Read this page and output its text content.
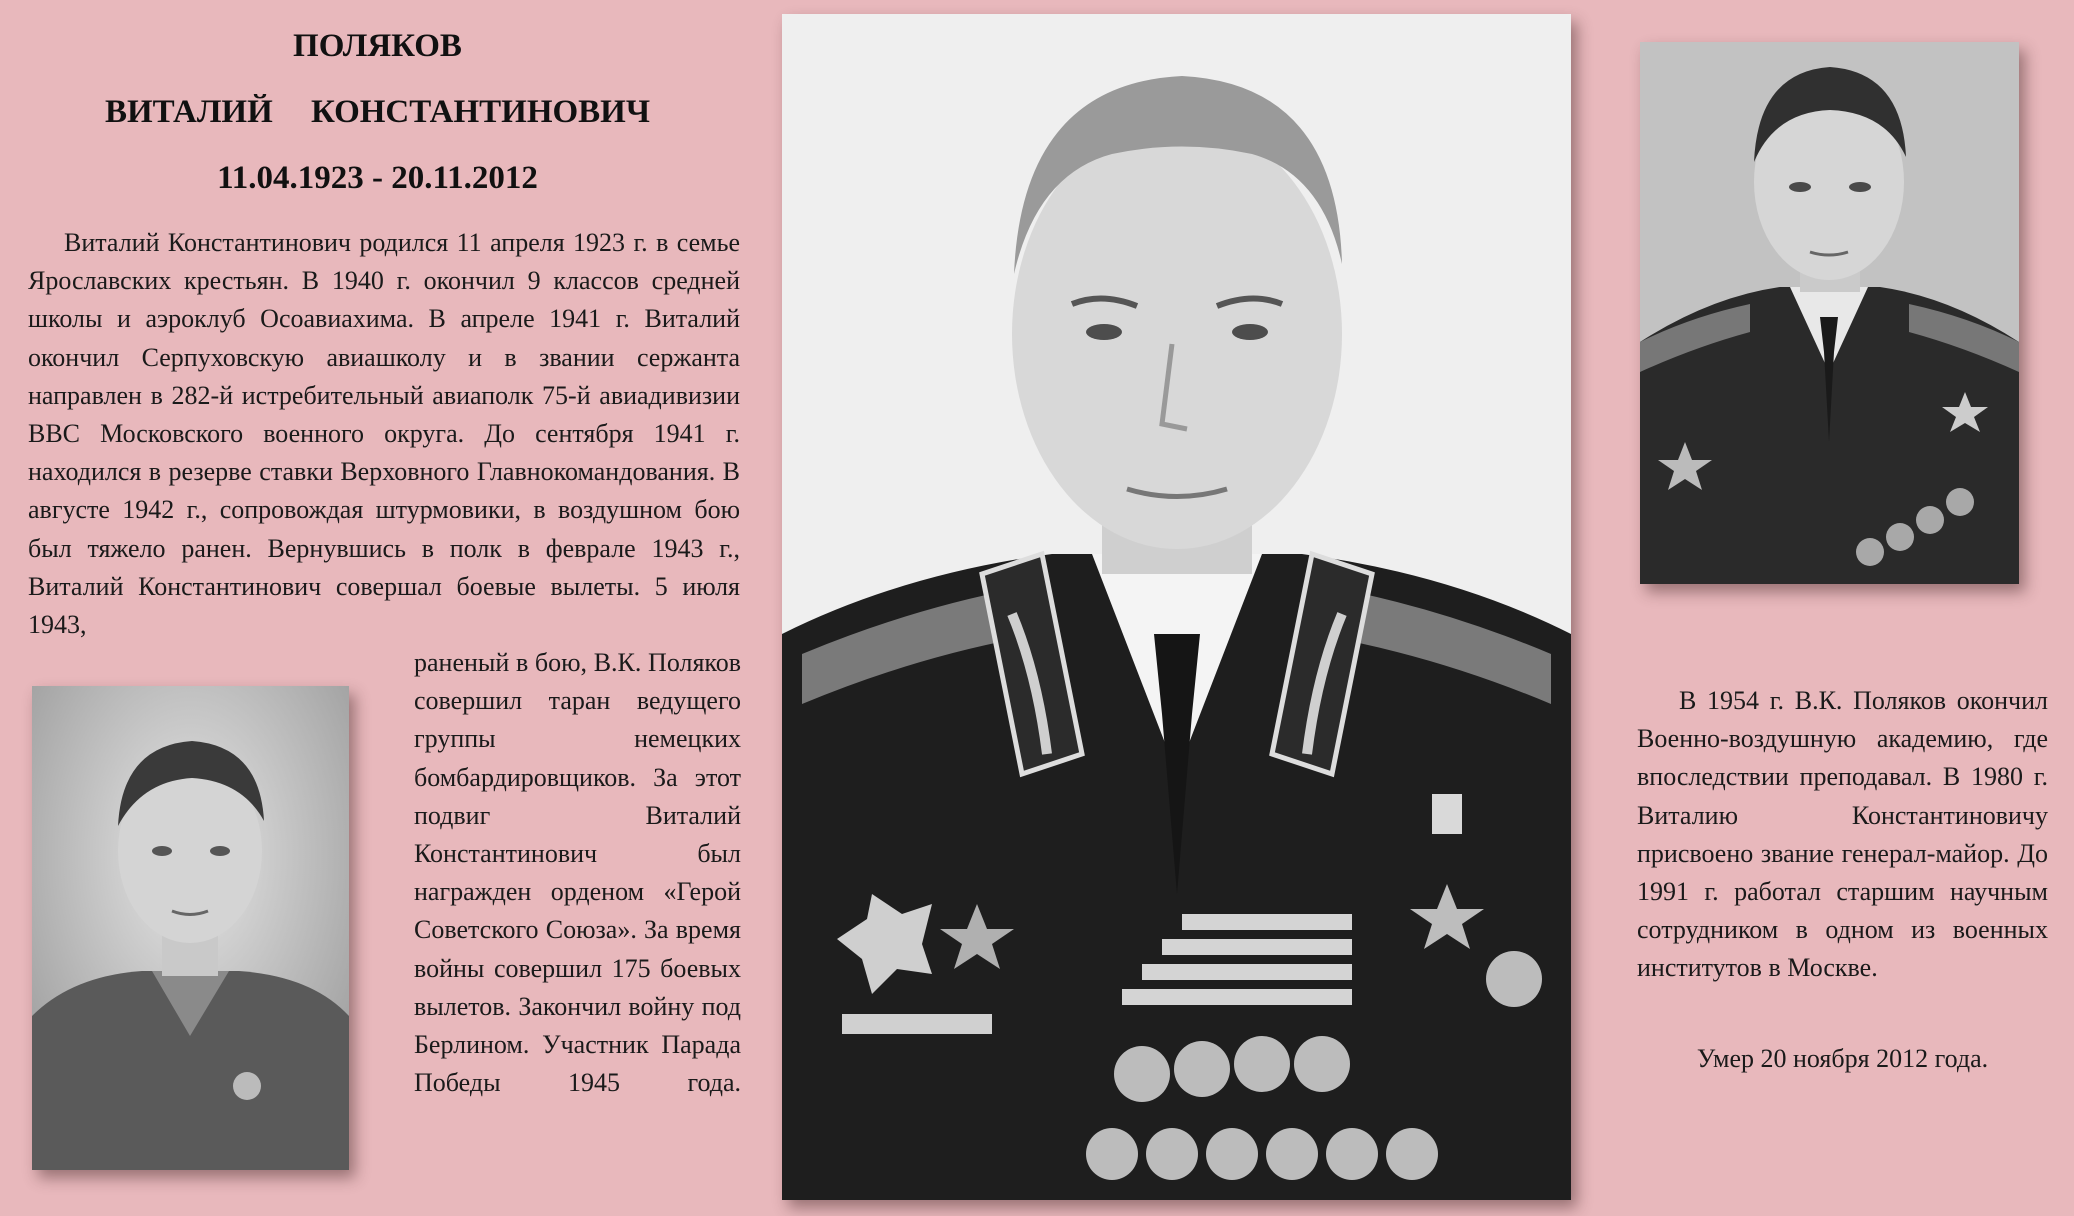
ПОЛЯКОВ
ВИТАЛИЙ КОНСТАНТИНОВИЧ
11.04.1923 - 20.11.2012

Виталий Константинович родился 11 апреля 1923 г. в семье Ярославских крестьян. В 1940 г. окончил 9 классов средней школы и аэроклуб Осоавиахима. В апреле 1941 г. Виталий окончил Серпуховскую авиашколу и в звании сержанта направлен в 282-й истребительный авиаполк 75-й авиадивизии ВВС Московского военного округа. До сентября 1941 г. находился в резерве ставки Верховного Главнокомандования. В августе 1942 г., сопровождая штурмовики, в воздушном бою был тяжело ранен. Вернувшись в полк в феврале 1943 г., Виталий Константинович совершал боевые вылеты. 5 июля 1943,

раненый в бою, В.К. Поляков совершил таран ведущего группы немецких бомбардировщиков. За этот подвиг Виталий Константинович был награжден орденом «Герой Советского Союза». За время войны совершил 175 боевых вылетов. Закончил войну под Берлином. Участник Парада Победы 1945 года.

В 1954 г. В.К. Поляков окончил Военно-воздушную академию, где впоследствии преподавал. В 1980 г. Виталию Константиновичу присвоено звание генерал-майор. До 1991 г. работал старшим научным сотрудником в одном из военных институтов в Москве.

Умер 20 ноября 2012 года.
